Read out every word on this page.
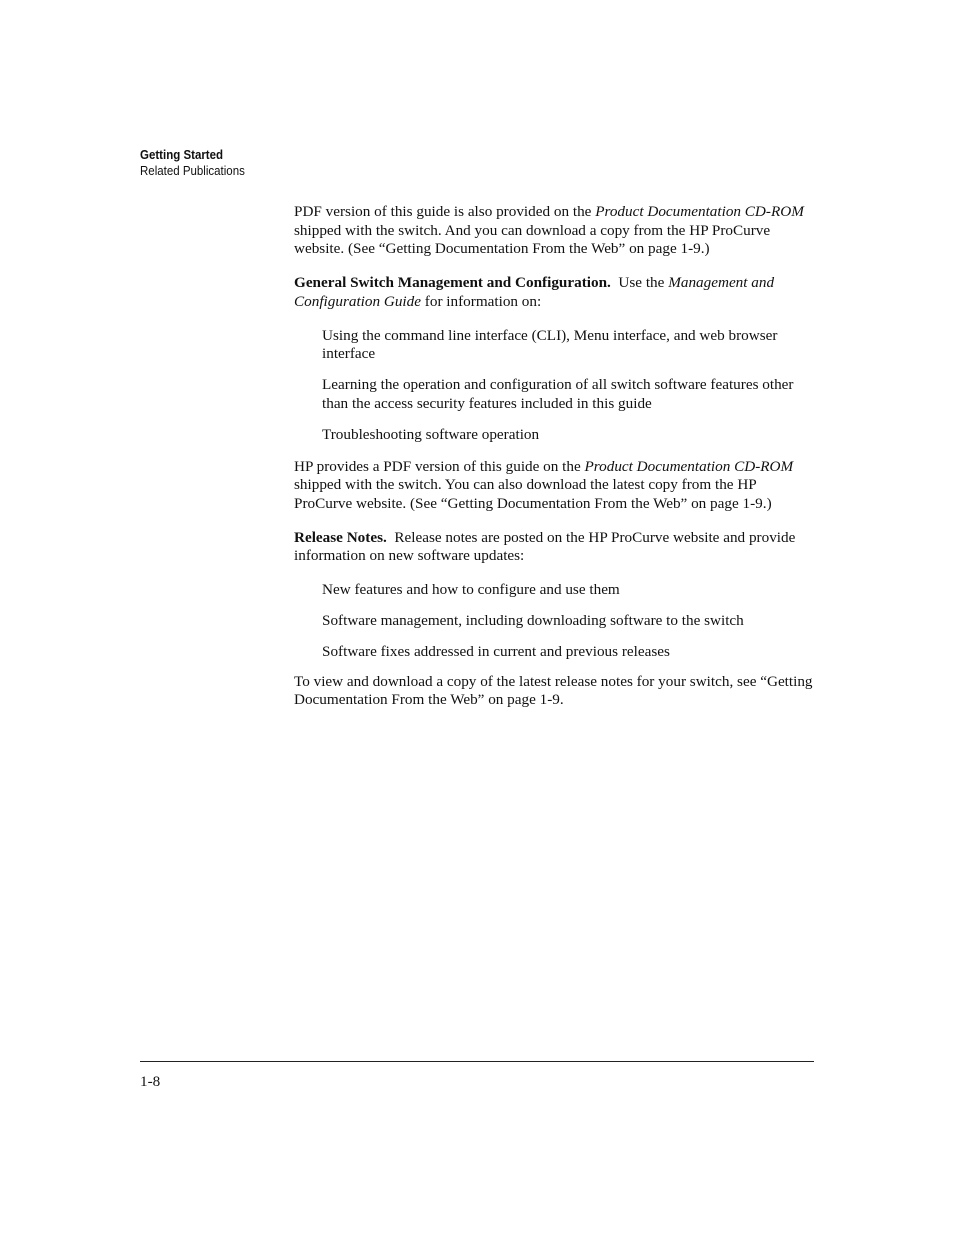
Getting Started
Related Publications

PDF version of this guide is also provided on the Product Documentation CD-ROM shipped with the switch. And you can download a copy from the HP ProCurve website. (See “Getting Documentation From the Web” on page 1-9.)

General Switch Management and Configuration.  Use the Management and Configuration Guide for information on:

Using the command line interface (CLI), Menu interface, and web browser interface

Learning the operation and configuration of all switch software features other than the access security features included in this guide

Troubleshooting software operation

HP provides a PDF version of this guide on the Product Documentation CD-ROM shipped with the switch. You can also download the latest copy from the HP ProCurve website. (See “Getting Documentation From the Web” on page 1-9.)

Release Notes.  Release notes are posted on the HP ProCurve website and provide information on new software updates:

New features and how to configure and use them

Software management, including downloading software to the switch

Software fixes addressed in current and previous releases

To view and download a copy of the latest release notes for your switch, see “Getting Documentation From the Web” on page 1-9.

1-8
